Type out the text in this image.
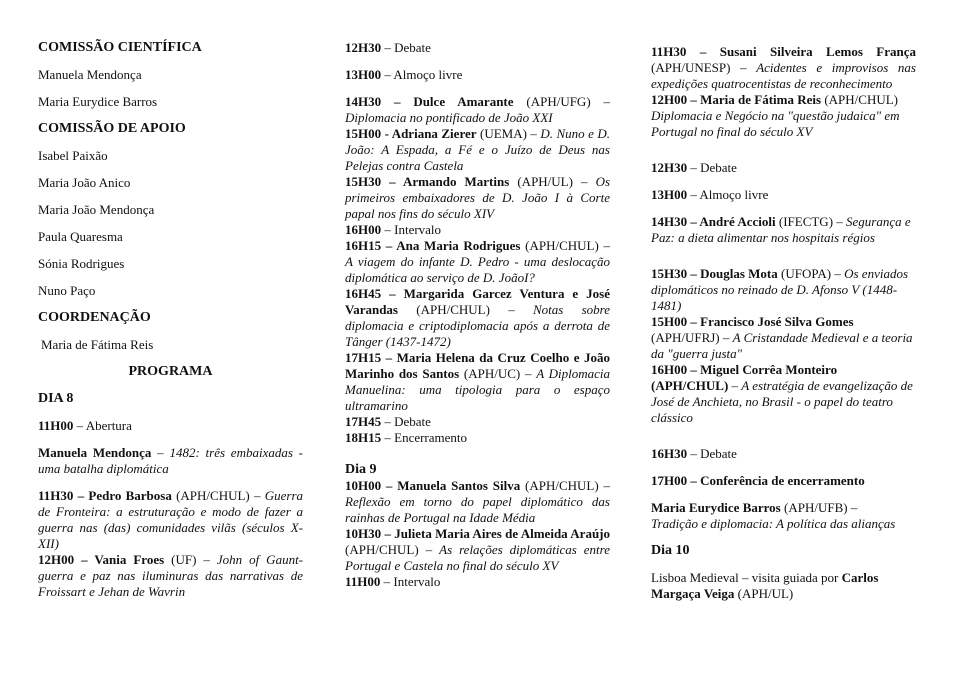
COMISSÃO CIENTÍFICA

Manuela Mendonça

Maria Eurydice Barros

COMISSÃO DE APOIO

Isabel Paixão

Maria João Anico

Maria João Mendonça

Paula Quaresma

Sónia Rodrigues

Nuno Paço

COORDENAÇÃO

Maria de Fátima Reis

PROGRAMA

DIA 8

11H00 – Abertura

Manuela Mendonça – 1482: três embaixadas - uma batalha diplomática

11H30 – Pedro Barbosa (APH/CHUL) – Guerra de Fronteira: a estruturação e modo de fazer a guerra nas (das) comunidades vilãs (séculos X-XII)

12H00 – Vania Froes (UF) – John of Gaunt- guerra e paz nas iluminuras das narrativas de Froissart e Jehan de Wavrin

12H30 – Debate

13H00 – Almoço livre

14H30 – Dulce Amarante (APH/UFG) – Diplomacia no pontificado de João XXI

15H00 - Adriana Zierer (UEMA) – D. Nuno e D. João: A Espada, a Fé e o Juízo de Deus nas Pelejas contra Castela

15H30 – Armando Martins (APH/UL) – Os primeiros embaixadores de D. João I à Corte papal nos fins do século XIV

16H00 – Intervalo

16H15 – Ana Maria Rodrigues (APH/CHUL) – A viagem do infante D. Pedro - uma deslocação diplomática ao serviço de D. JoãoI?

16H45 – Margarida Garcez Ventura e José Varandas (APH/CHUL) – Notas sobre diplomacia e criptodiplomacia após a derrota de Tânger (1437-1472)

17H15 – Maria Helena da Cruz Coelho e João Marinho dos Santos (APH/UC) – A Diplomacia Manuelina: uma tipologia para o espaço ultramarino

17H45 – Debate

18H15 – Encerramento

Dia 9

10H00 – Manuela Santos Silva (APH/CHUL) – Reflexão em torno do papel diplomático das rainhas de Portugal na Idade Média

10H30 – Julieta Maria Aires de Almeida Araújo (APH/CHUL) – As relações diplomáticas entre Portugal e Castela no final do século XV

11H00 – Intervalo

11H30 – Susani Silveira Lemos França (APH/UNESP) – Acidentes e improvisos nas expedições quatrocentistas de reconhecimento

12H00 – Maria de Fátima Reis (APH/CHUL)
Diplomacia e Negócio na "questão judaica" em Portugal no final do século XV

12H30 – Debate

13H00 – Almoço livre

14H30 – André Accioli (IFECTG) – Segurança e Paz: a dieta alimentar nos hospitais régios

15H30 – Douglas Mota (UFOPA) – Os enviados diplomáticos no reinado de D. Afonso V (1448-1481)

15H00 – Francisco José Silva Gomes (APH/UFRJ) – A Cristandade Medieval e a teoria da "guerra justa"

16H00 – Miguel Corrêa Monteiro (APH/CHUL) – A estratégia de evangelização de José de Anchieta, no Brasil - o papel do teatro clássico

16H30 – Debate

17H00 – Conferência de encerramento

Maria Eurydice Barros (APH/UFB) –
Tradição e diplomacia: A política das alianças

Dia 10

Lisboa Medieval – visita guiada por Carlos Margaça Veiga (APH/UL)
